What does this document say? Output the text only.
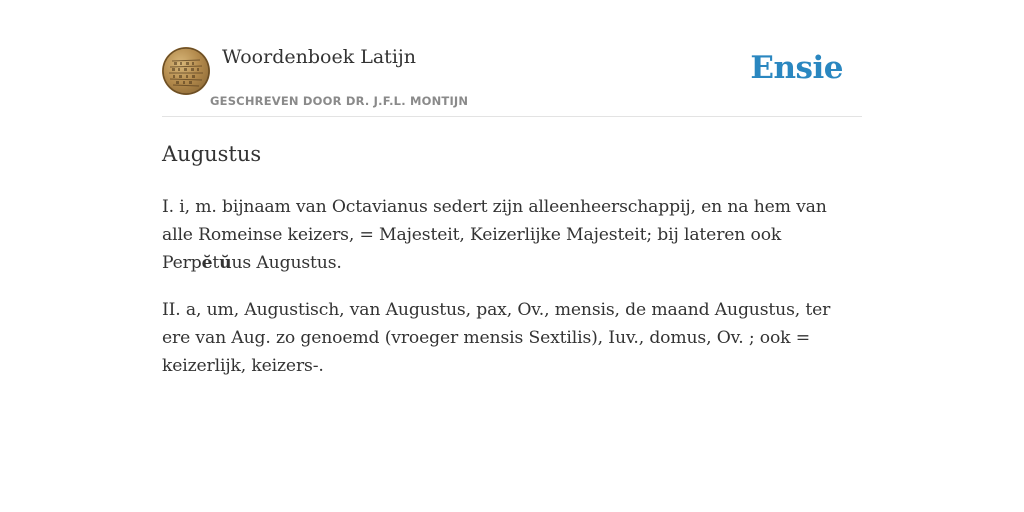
Woordenboek Latijn
GESCHREVEN DOOR DR. J.F.L. MONTIJN
Ensie
Augustus

I. i, m. bijnaam van Octavianus sedert zijn alleenheerschappij, en na hem van alle Romeinse keizers, = Majesteit, Keizerlijke Majesteit; bij lateren ook Perpĕtŭus Augustus.

II. a, um, Augustisch, van Augustus, pax, Ov., mensis, de maand Augustus, ter ere van Aug. zo genoemd (vroeger mensis Sextilis), Iuv., domus, Ov. ; ook = keizerlijk, keizers-.
